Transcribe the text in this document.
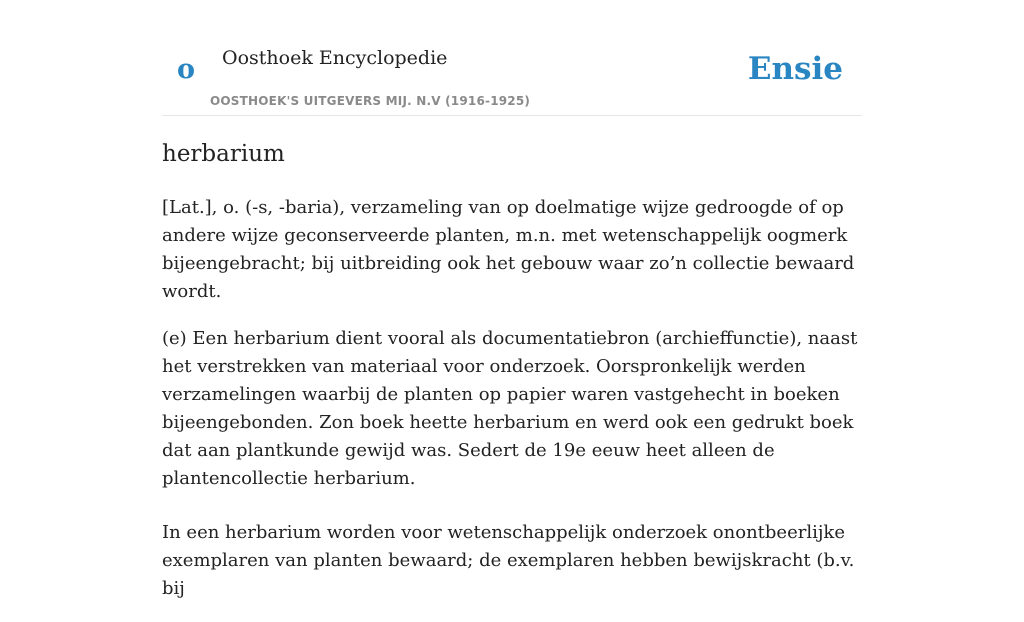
o Oosthoek Encyclopedie
OOSTHOEK'S UITGEVERS MIJ. N.V (1916-1925)
Ensie
herbarium

[Lat.], o. (-s, -baria), verzameling van op doelmatige wijze gedroogde of op andere wijze geconserveerde planten, m.n. met wetenschappelijk oogmerk bijeengebracht; bij uitbreiding ook het gebouw waar zo’n collectie bewaard wordt.

(e) Een herbarium dient vooral als documentatiebron (archieffunctie), naast het verstrekken van materiaal voor onderzoek. Oorspronkelijk werden verzamelingen waarbij de planten op papier waren vastgehecht in boeken bijeengebonden. Zon boek heette herbarium en werd ook een gedrukt boek dat aan plantkunde gewijd was. Sedert de 19e eeuw heet alleen de plantencollectie herbarium.

In een herbarium worden voor wetenschappelijk onderzoek onontbeerlijke exemplaren van planten bewaard; de exemplaren hebben bewijskracht (b.v. bij
